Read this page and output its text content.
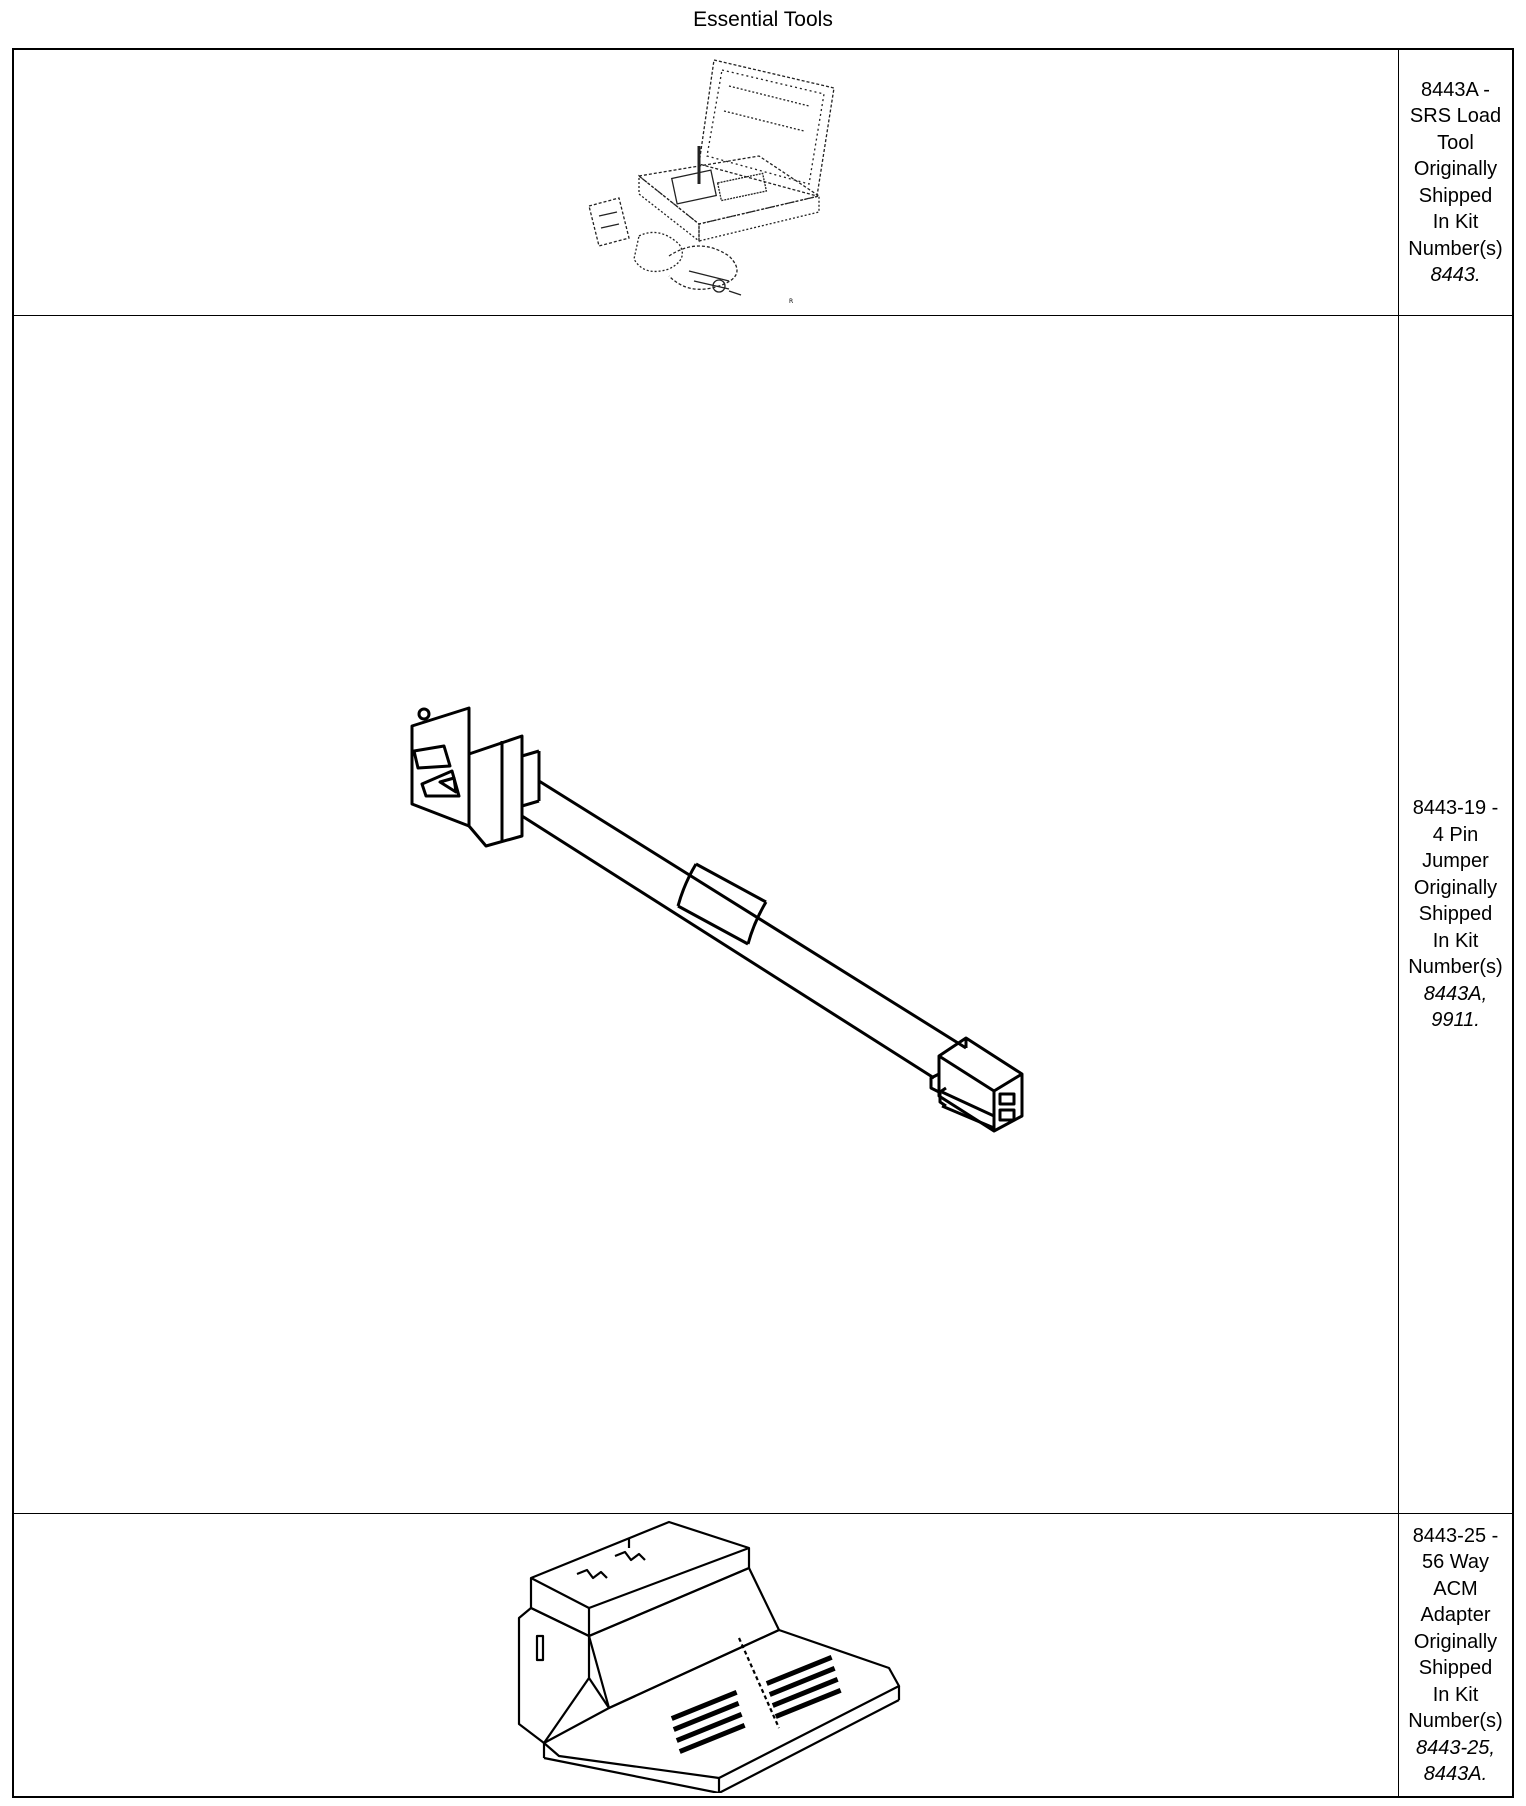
Essential Tools
R
8443A -
SRS Load
Tool
Originally
Shipped
In Kit
Number(s)
8443.
8443-19 -
4 Pin
Jumper
Originally
Shipped
In Kit
Number(s)
8443A,
9911.
8443-25 -
56 Way
ACM
Adapter
Originally
Shipped
In Kit
Number(s)
8443-25,
8443A.
